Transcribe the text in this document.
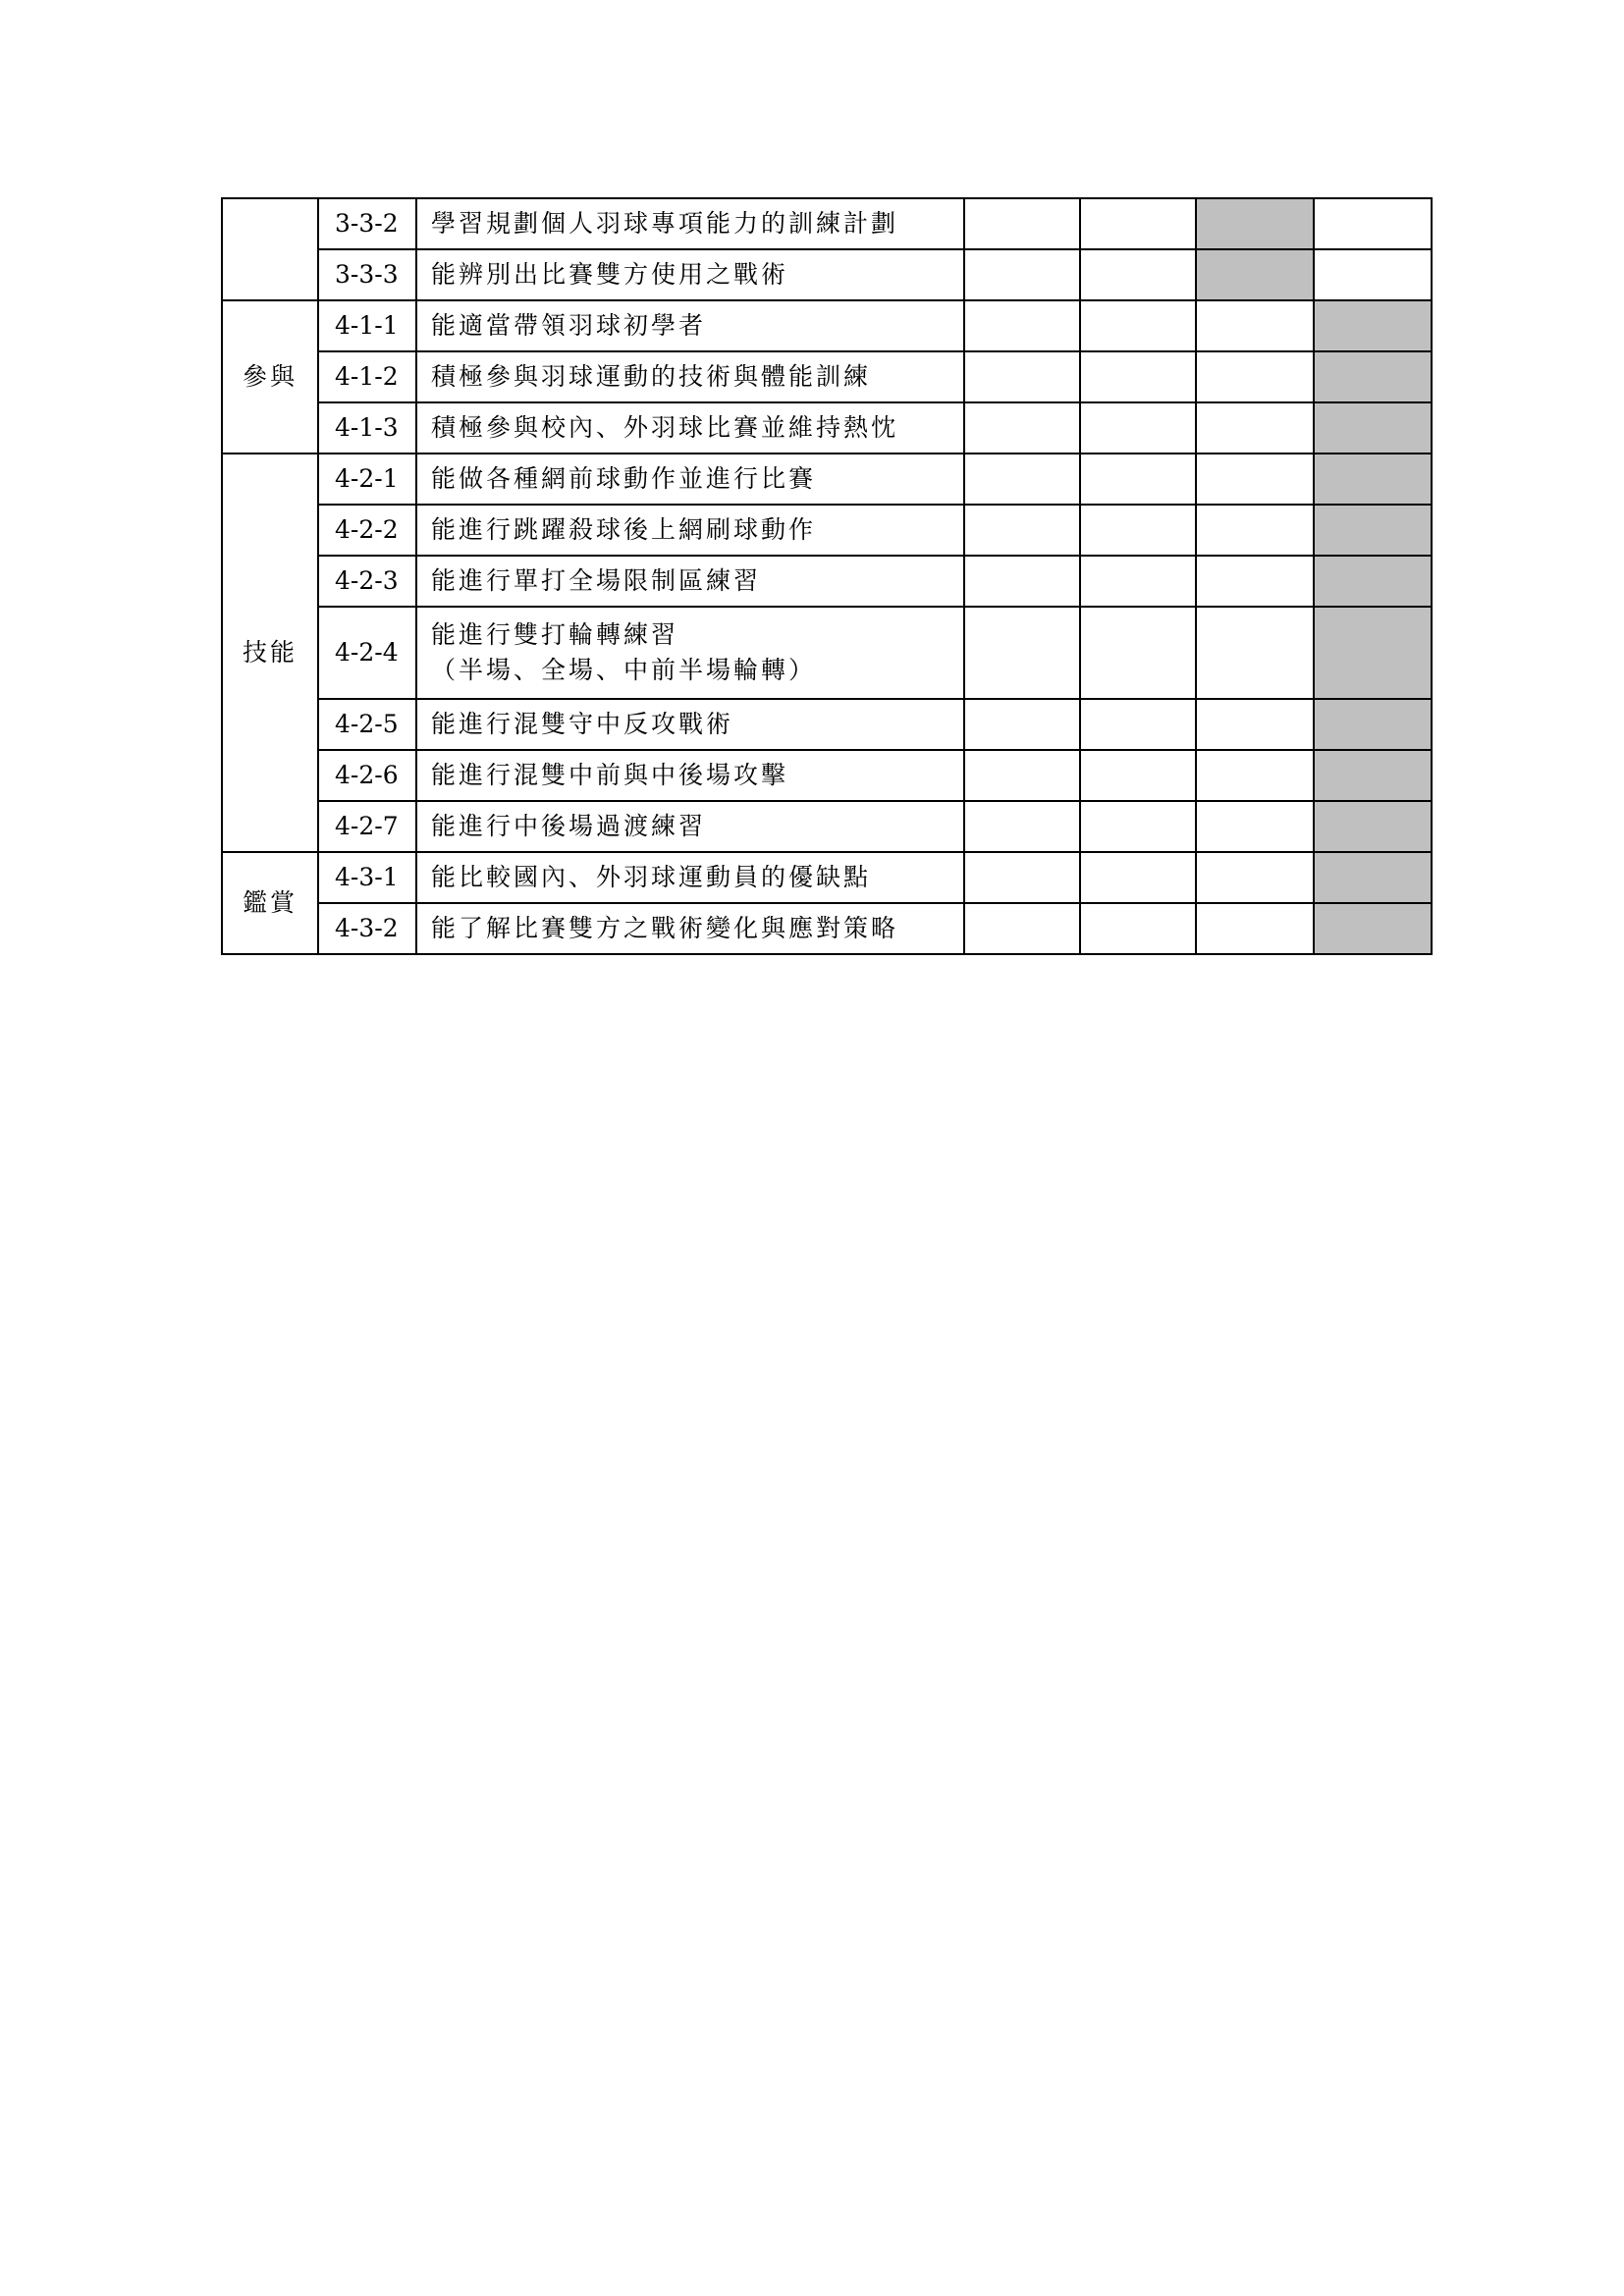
	3-3-2	學習規劃個人羽球專項能力的訓練計劃				

	3-3-3	能辨別出比賽雙方使用之戰術				

參與	4-1-1	能適當帶領羽球初學者				

	4-1-2	積極參與羽球運動的技術與體能訓練				

	4-1-3	積極參與校內、外羽球比賽並維持熱忱				

技能	4-2-1	能做各種網前球動作並進行比賽				

	4-2-2	能進行跳躍殺球後上網刷球動作				

	4-2-3	能進行單打全場限制區練習				

	4-2-4	能進行雙打輪轉練習
（半場、全場、中前半場輪轉）				

	4-2-5	能進行混雙守中反攻戰術				

	4-2-6	能進行混雙中前與中後場攻擊				

	4-2-7	能進行中後場過渡練習				

鑑賞	4-3-1	能比較國內、外羽球運動員的優缺點				

	4-3-2	能了解比賽雙方之戰術變化與應對策略				
